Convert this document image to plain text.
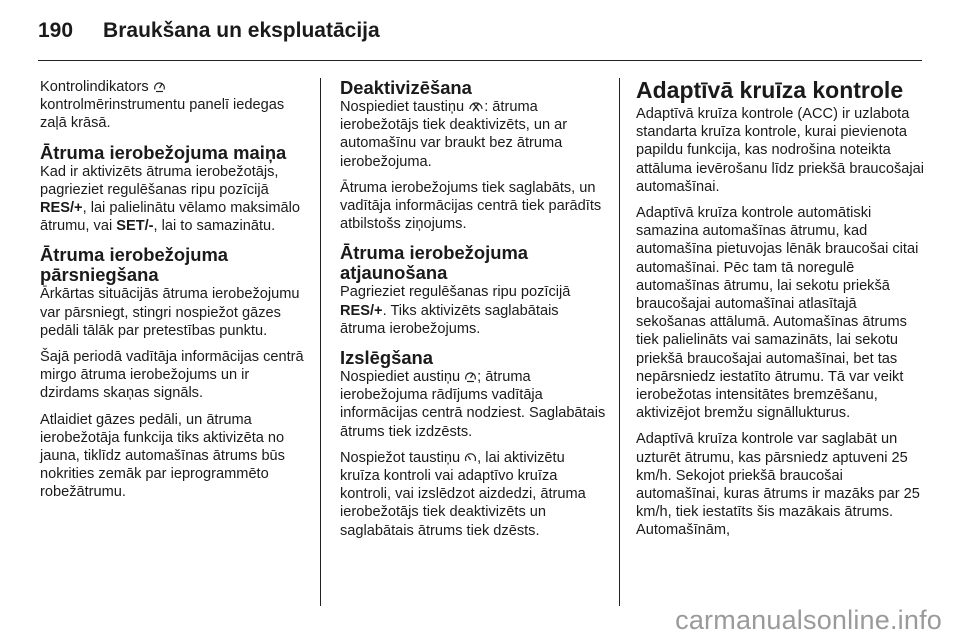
190 Braukšana un ekspluatācija

Kontrolindikators
kontrolmērinstrumentu panelī iedegas zaļā krāsā.

Ātruma ierobežojuma maiņa

Kad ir aktivizēts ātruma ierobežotājs, pagrieziet regulēšanas ripu pozīcijā RES/+, lai palielinātu vēlamo maksimālo ātrumu, vai SET/-, lai to samazinātu.

Ātruma ierobežojuma pārsniegšana

Ārkārtas situācijās ātruma ierobežojumu var pārsniegt, stingri nospiežot gāzes pedāli tālāk par pretestības punktu.

Šajā periodā vadītāja informācijas centrā mirgo ātruma ierobežojums un ir dzirdams skaņas signāls.

Atlaidiet gāzes pedāli, un ātruma ierobežotāja funkcija tiks aktivizēta no jauna, tiklīdz automašīnas ātrums būs nokrities zemāk par ieprogrammēto robežātrumu.

Deaktivizēšana

Nospiediet taustiņu
: ātruma ierobežotājs tiek deaktivizēts, un ar automašīnu var braukt bez ātruma ierobežojuma.

Ātruma ierobežojums tiek saglabāts, un vadītāja informācijas centrā tiek parādīts atbilstošs ziņojums.

Ātruma ierobežojuma atjaunošana

Pagrieziet regulēšanas ripu pozīcijā RES/+. Tiks aktivizēts saglabātais ātruma ierobežojums.

Izslēgšana

Nospiediet austiņu
; ātruma ierobežojuma rādījums vadītāja informācijas centrā nodziest. Saglabātais ātrums tiek izdzēsts.

Nospiežot taustiņu
, lai aktivizētu kruīza kontroli vai adaptīvo kruīza kontroli, vai izslēdzot aizdedzi, ātruma ierobežotājs tiek deaktivizēts un saglabātais ātrums tiek dzēsts.

Adaptīvā kruīza kontrole

Adaptīvā kruīza kontrole (ACC) ir uzlabota standarta kruīza kontrole, kurai pievienota papildu funkcija, kas nodrošina noteikta attāluma ievērošanu līdz priekšā braucošajai automašīnai.

Adaptīvā kruīza kontrole automātiski samazina automašīnas ātrumu, kad automašīna pietuvojas lēnāk braucošai citai automašīnai. Pēc tam tā noregulē automašīnas ātrumu, lai sekotu priekšā braucošajai automašīnai atlasītajā sekošanas attālumā. Automašīnas ātrums tiek palielināts vai samazināts, lai sekotu priekšā braucošajai automašīnai, bet tas nepārsniedz iestatīto ātrumu. Tā var veikt ierobežotas intensitātes bremzēšanu, aktivizējot bremžu signāllukturus.

Adaptīvā kruīza kontrole var saglabāt un uzturēt ātrumu, kas pārsniedz aptuveni 25 km/h. Sekojot priekšā braucošai automašīnai, kuras ātrums ir mazāks par 25 km/h, tiek iestatīts šis mazākais ātrums. Automašīnām,

carmanualsonline.info
